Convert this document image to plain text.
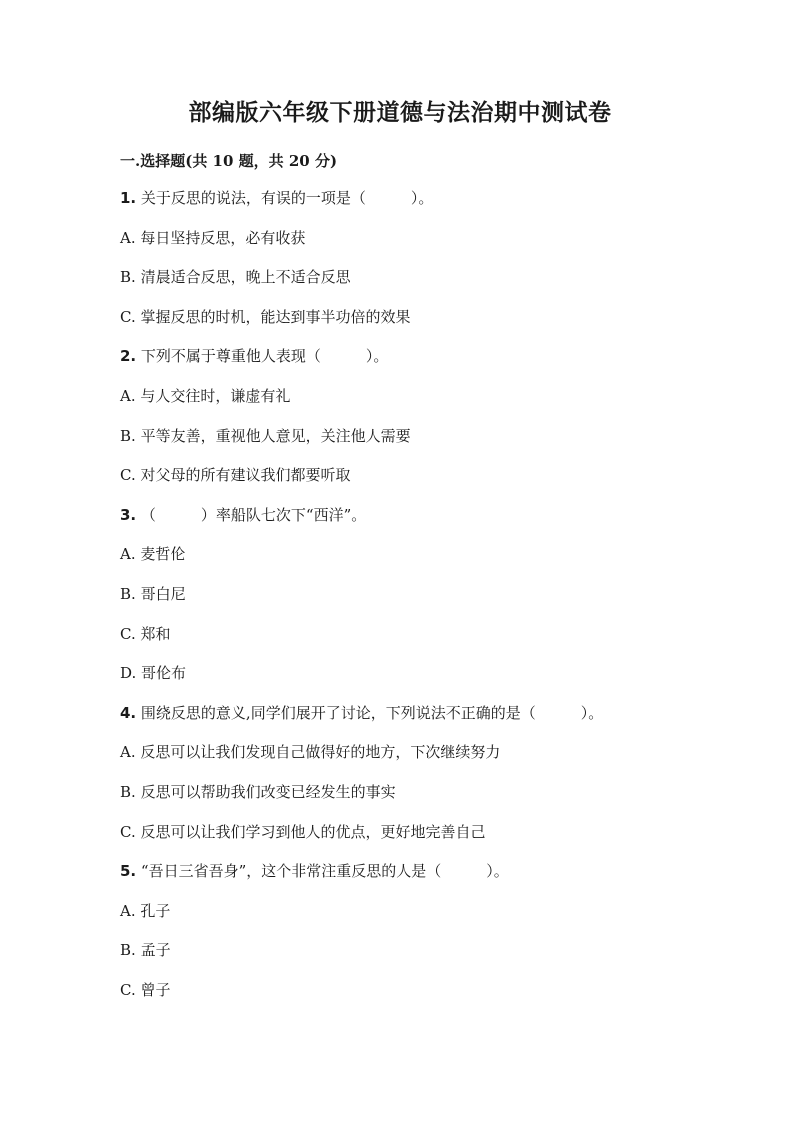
部编版六年级下册道德与法治期中测试卷
一.选择题(共 10 题，共 20 分)
1. 关于反思的说法，有误的一项是（　　　）。
A. 每日坚持反思，必有收获
B. 清晨适合反思，晚上不适合反思
C. 掌握反思的时机，能达到事半功倍的效果
2. 下列不属于尊重他人表现（　　　）。
A. 与人交往时，谦虚有礼
B. 平等友善，重视他人意见，关注他人需要
C. 对父母的所有建议我们都要听取
3. （　　　）率船队七次下“西洋”。
A. 麦哲伦
B. 哥白尼
C. 郑和
D. 哥伦布
4. 围绕反思的意义,同学们展开了讨论，下列说法不正确的是（　　　）。
A. 反思可以让我们发现自己做得好的地方，下次继续努力
B. 反思可以帮助我们改变已经发生的事实
C. 反思可以让我们学习到他人的优点，更好地完善自己
5. “吾日三省吾身”，这个非常注重反思的人是（　　　）。
A. 孔子
B. 孟子
C. 曾子
